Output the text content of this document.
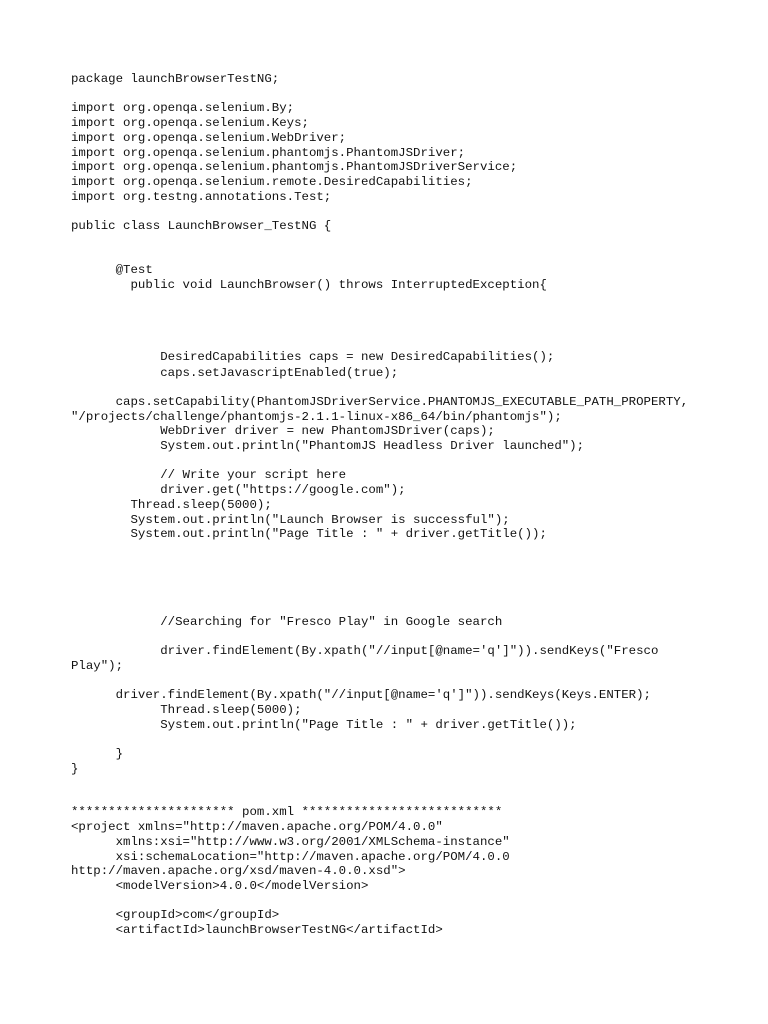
package launchBrowserTestNG;
import org.openqa.selenium.By;
import org.openqa.selenium.Keys;
import org.openqa.selenium.WebDriver;
import org.openqa.selenium.phantomjs.PhantomJSDriver;
import org.openqa.selenium.phantomjs.PhantomJSDriverService;
import org.openqa.selenium.remote.DesiredCapabilities;
import org.testng.annotations.Test;
public class LaunchBrowser_TestNG {
@Test
public void LaunchBrowser() throws InterruptedException{
DesiredCapabilities caps = new DesiredCapabilities();
caps.setJavascriptEnabled(true);
caps.setCapability(PhantomJSDriverService.PHANTOMJS_EXECUTABLE_PATH_PROPERTY,
"/projects/challenge/phantomjs-2.1.1-linux-x86_64/bin/phantomjs");
WebDriver driver = new PhantomJSDriver(caps);
System.out.println("PhantomJS Headless Driver launched");
// Write your script here
driver.get("https://google.com");
Thread.sleep(5000);
System.out.println("Launch Browser is successful");
System.out.println("Page Title : " + driver.getTitle());
//Searching for "Fresco Play" in Google search
driver.findElement(By.xpath("//input[@name='q']")).sendKeys("Fresco
Play");
driver.findElement(By.xpath("//input[@name='q']")).sendKeys(Keys.ENTER);
Thread.sleep(5000);
System.out.println("Page Title : " + driver.getTitle());
}
}
********************** pom.xml ***************************
<project xmlns="http://maven.apache.org/POM/4.0.0"
xmlns:xsi="http://www.w3.org/2001/XMLSchema-instance"
xsi:schemaLocation="http://maven.apache.org/POM/4.0.0
http://maven.apache.org/xsd/maven-4.0.0.xsd">
<modelVersion>4.0.0</modelVersion>
<groupId>com</groupId>
<artifactId>launchBrowserTestNG</artifactId>
